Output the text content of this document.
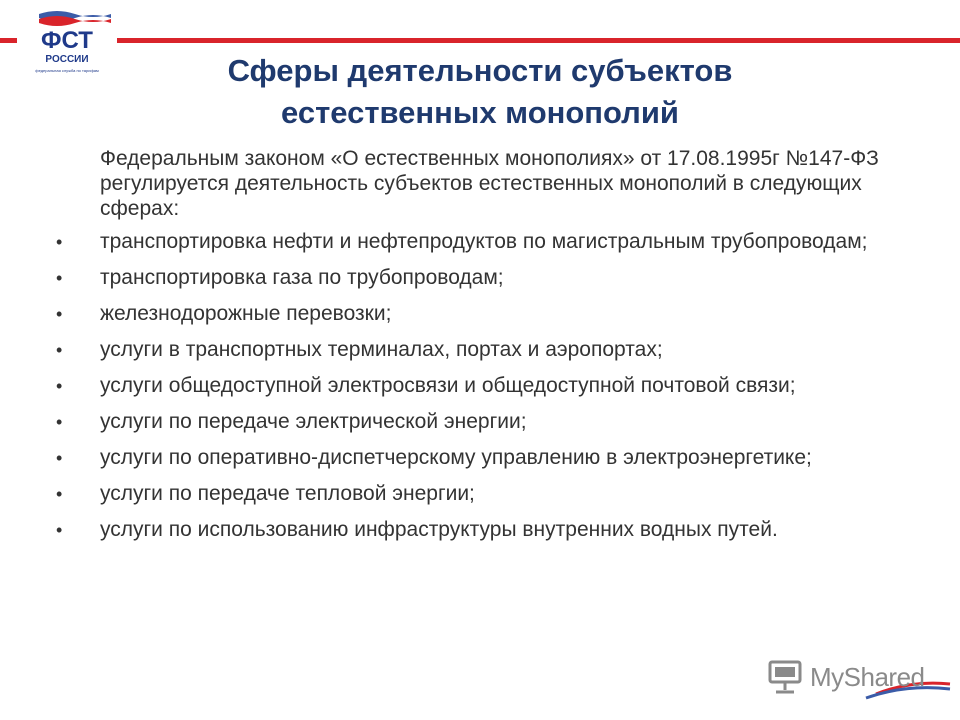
ФСТ
РОССИИ
федеральная служба по тарифам	Сферы деятельности субъектов
естественных монополий
Федеральным законом «О естественных монополиях» от 17.08.1995г №147-ФЗ регулируется деятельность субъектов естественных монополий в следующих сферах:
• транспортировка нефти и нефтепродуктов по магистральным трубопроводам;
• транспортировка газа по трубопроводам;
• железнодорожные перевозки;
• услуги в транспортных терминалах, портах и аэропортах;
• услуги общедоступной электросвязи и общедоступной почтовой связи;
• услуги по передаче электрической энергии;
• услуги по оперативно-диспетчерскому управлению в электроэнергетике;
• услуги по передаче тепловой энергии;
• услуги по использованию инфраструктуры внутренних водных путей.
MyShared
